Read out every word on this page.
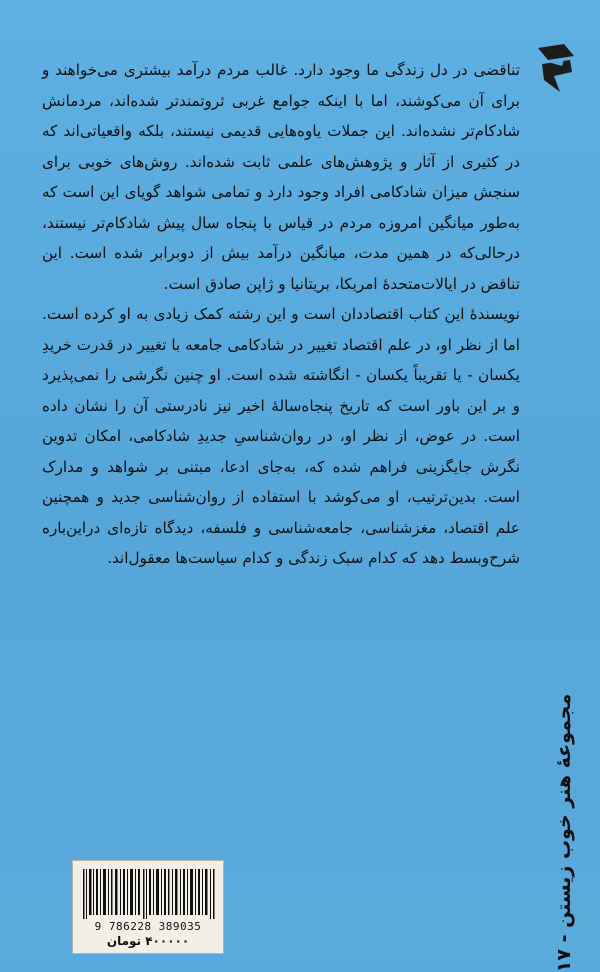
تناقضی در دل زندگی ما وجود دارد. غالب مردم درآمد بیشتری می‌خواهند و برای آن می‌کوشند، اما با اینکه جوامع غربی ثروتمندتر شده‌اند، مردمانش شادکام‌تر نشده‌اند. این جملات یاوه‌هایی قدیمی نیستند، بلکه واقعیاتی‌اند که در کثیری از آثار و پژوهش‌های علمی ثابت شده‌اند. روش‌های خوبی برای سنجش میزان شادکامی افراد وجود دارد و تمامی شواهد گویای این است که به‌طور میانگین امروزه مردم در قیاس با پنجاه سال پیش شادکام‌تر نیستند، درحالی‌که در همین مدت، میانگین درآمد بیش از دوبرابر شده است. این تناقض در ایالات‌متحدهٔ امریکا، بریتانیا و ژاپن صادق است.

نویسندهٔ این کتاب اقتصاددان است و این رشته کمک زیادی به او کرده است. اما از نظر او، در علم اقتصاد تغییر در شادکامی جامعه با تغییر در قدرت خریدِ یکسان - یا تقریباً یکسان - انگاشته شده است. او چنین نگرشی را نمی‌پذیرد و بر این باور است که تاریخ پنجاه‌سالهٔ اخیر نیز نادرستی آن را نشان داده است. در عوض، از نظر او، در روان‌شناسیِ جدیدِ شادکامی، امکان تدوین نگرش جایگزینی فراهم شده که، به‌جای ادعا، مبتنی بر شواهد و مدارک است. بدین‌ترتیب، او می‌کوشد با استفاده از روان‌شناسی جدید و همچنین علم اقتصاد، مغزشناسی، جامعه‌شناسی و فلسفه، دیدگاه تازه‌ای دراین‌باره شرح‌وبسط دهد که کدام سبک زندگی و کدام سیاست‌ها معقول‌اند.

مجموعهٔ هنر خوب زیستن - ۱۷
9 786228 389035
۴۰۰۰۰۰ تومان
